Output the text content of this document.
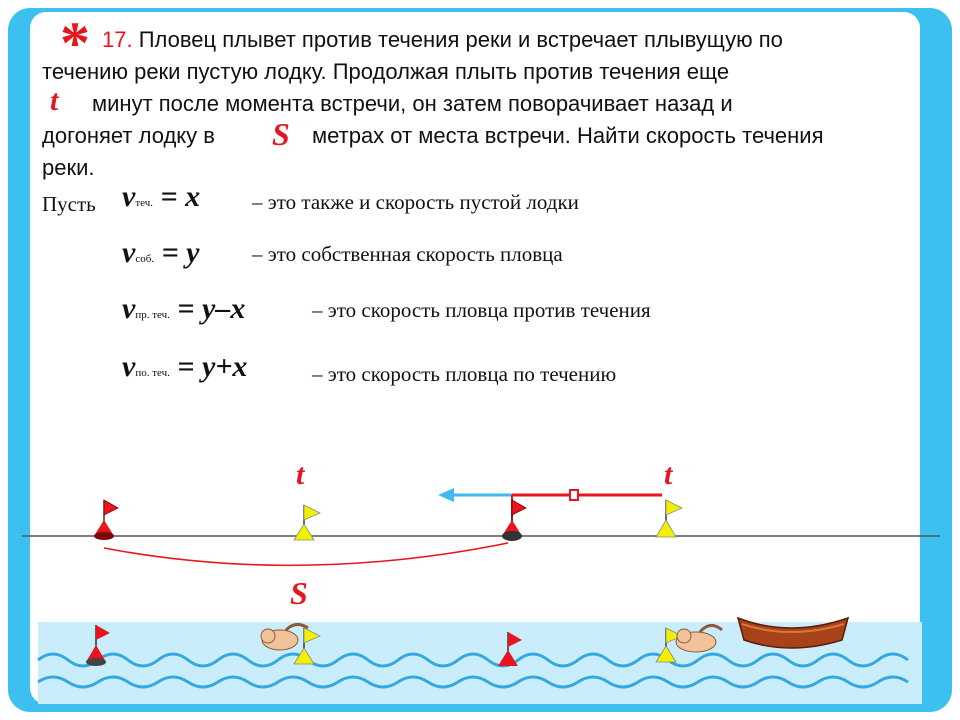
* 17. Пловец плывет против течения реки и встречает плывущую по
течению реки пустую лодку. Продолжая плыть против течения еще
минут после момента встречи, он затем поворачивает назад и
догоняет лодку в	метрах от места встречи. Найти скорость течения
реки.
t
S
Пусть vтеч. = x – это также и скорость пустой лодки
vсоб. = y	– это собственная скорость пловца
vпр. теч. = y–x	– это скорость пловца против течения
vпо. теч. = y+x	– это скорость пловца по течению
t	t
S
